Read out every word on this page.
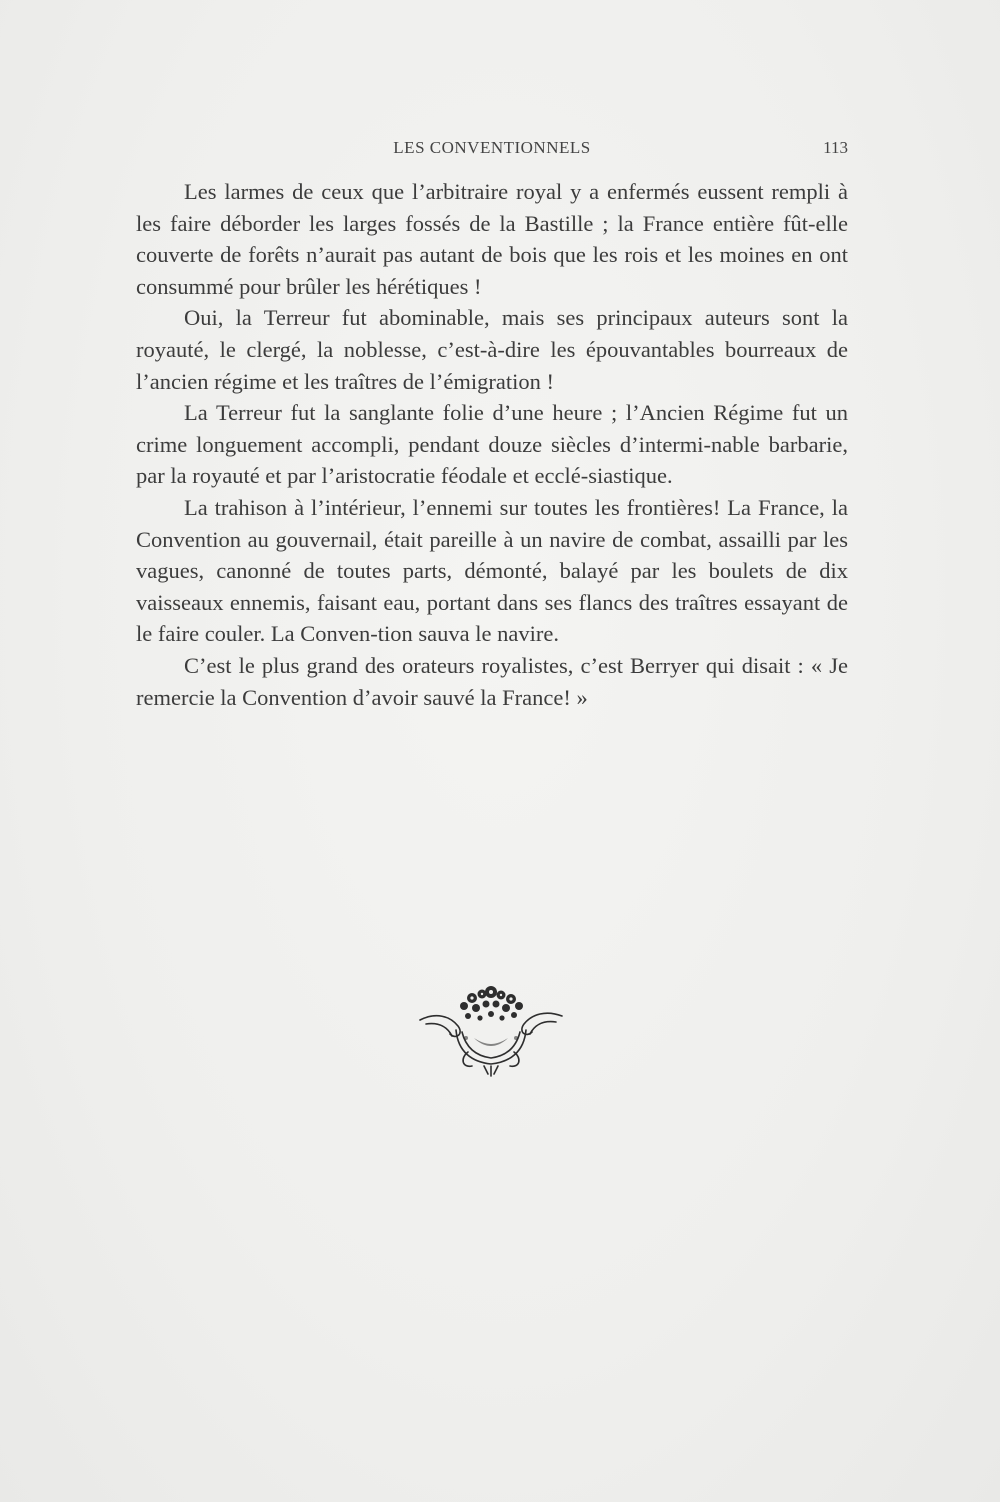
LES CONVENTIONNELS	113

Les larmes de ceux que l’arbitraire royal y a enfermés eussent rempli à les faire déborder les larges fossés de la Bastille ; la France entière fût-elle couverte de forêts n’aurait pas autant de bois que les rois et les moines en ont consummé pour brûler les hérétiques !

Oui, la Terreur fut abominable, mais ses principaux auteurs sont la royauté, le clergé, la noblesse, c’est-à-dire les épouvantables bourreaux de l’ancien régime et les traîtres de l’émigration !

La Terreur fut la sanglante folie d’une heure ; l’Ancien Régime fut un crime longuement accompli, pendant douze siècles d’intermi-nable barbarie, par la royauté et par l’aristocratie féodale et ecclé-siastique.

La trahison à l’intérieur, l’ennemi sur toutes les frontières! La France, la Convention au gouvernail, était pareille à un navire de combat, assailli par les vagues, canonné de toutes parts, démonté, balayé par les boulets de dix vaisseaux ennemis, faisant eau, portant dans ses flancs des traîtres essayant de le faire couler. La Conven-tion sauva le navire.

C’est le plus grand des orateurs royalistes, c’est Berryer qui disait : « Je remercie la Convention d’avoir sauvé la France! »
